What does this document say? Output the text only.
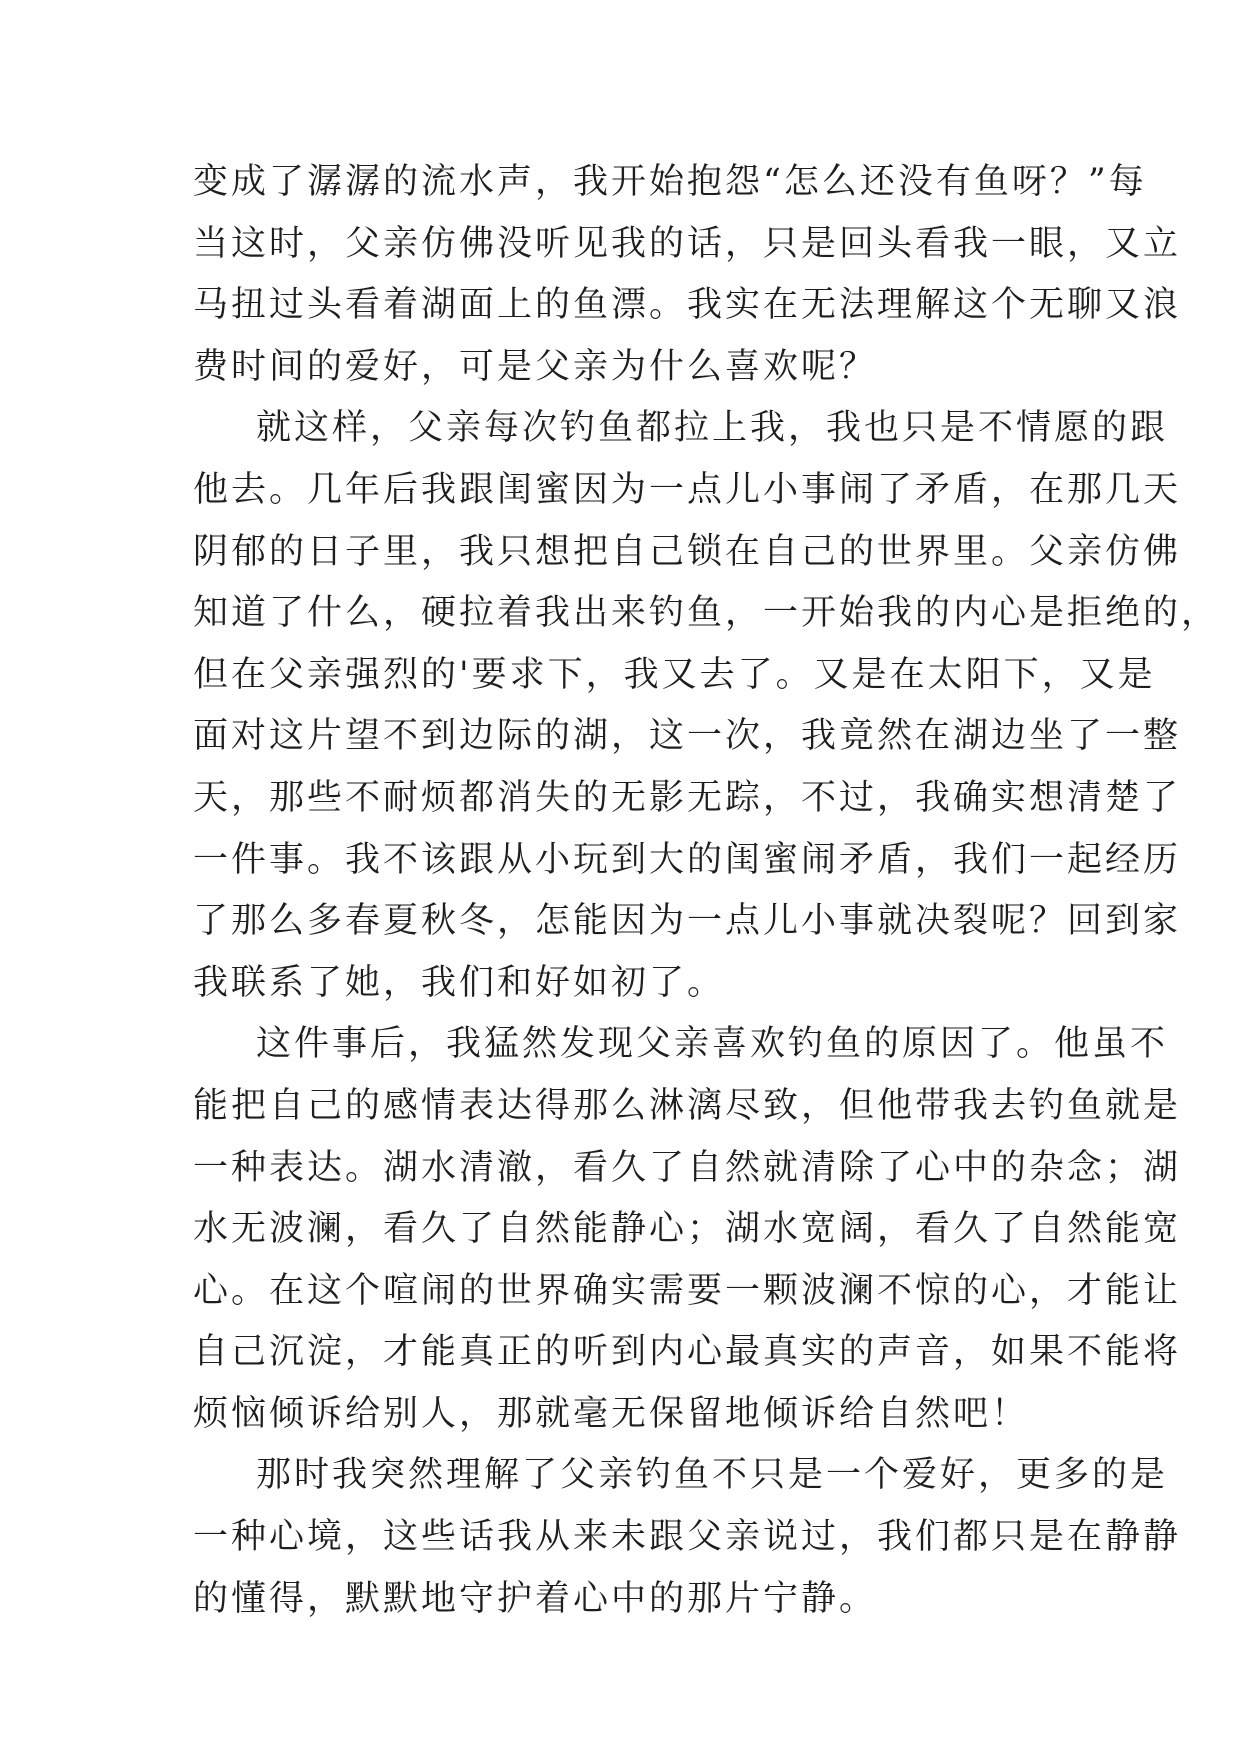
变成了潺潺的流水声，我开始抱怨“怎么还没有鱼呀？”每
当这时，父亲仿佛没听见我的话，只是回头看我一眼，又立
马扭过头看着湖面上的鱼漂。我实在无法理解这个无聊又浪
费时间的爱好，可是父亲为什么喜欢呢？
就这样，父亲每次钓鱼都拉上我，我也只是不情愿的跟
他去。几年后我跟闺蜜因为一点儿小事闹了矛盾，在那几天
阴郁的日子里，我只想把自己锁在自己的世界里。父亲仿佛
知道了什么，硬拉着我出来钓鱼，一开始我的内心是拒绝的，
但在父亲强烈的'要求下，我又去了。又是在太阳下，又是
面对这片望不到边际的湖，这一次，我竟然在湖边坐了一整
天，那些不耐烦都消失的无影无踪，不过，我确实想清楚了
一件事。我不该跟从小玩到大的闺蜜闹矛盾，我们一起经历
了那么多春夏秋冬，怎能因为一点儿小事就决裂呢？回到家
我联系了她，我们和好如初了。
这件事后，我猛然发现父亲喜欢钓鱼的原因了。他虽不
能把自己的感情表达得那么淋漓尽致，但他带我去钓鱼就是
一种表达。湖水清澈，看久了自然就清除了心中的杂念；湖
水无波澜，看久了自然能静心；湖水宽阔，看久了自然能宽
心。在这个喧闹的世界确实需要一颗波澜不惊的心，才能让
自己沉淀，才能真正的听到内心最真实的声音，如果不能将
烦恼倾诉给别人，那就毫无保留地倾诉给自然吧！
那时我突然理解了父亲钓鱼不只是一个爱好，更多的是
一种心境，这些话我从来未跟父亲说过，我们都只是在静静
的懂得，默默地守护着心中的那片宁静。
